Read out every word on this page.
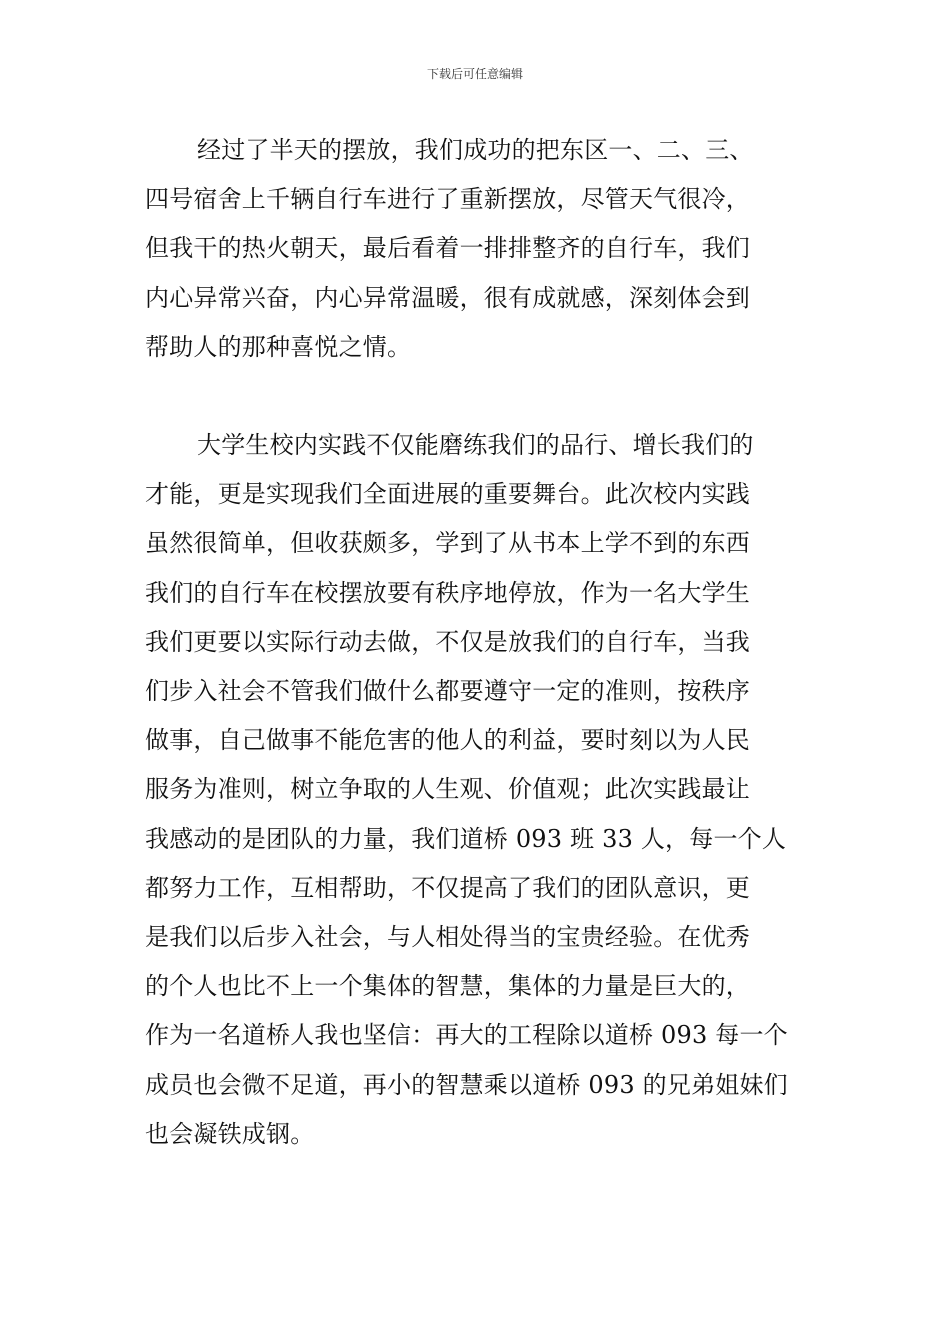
下载后可任意编辑
经过了半天的摆放，我们成功的把东区一、二、三、
四号宿舍上千辆自行车进行了重新摆放，尽管天气很冷，
但我干的热火朝天，最后看着一排排整齐的自行车，我们
内心异常兴奋，内心异常温暖，很有成就感，深刻体会到
帮助人的那种喜悦之情。
大学生校内实践不仅能磨练我们的品行、增长我们的
才能，更是实现我们全面进展的重要舞台。此次校内实践
虽然很简单，但收获颇多，学到了从书本上学不到的东西
我们的自行车在校摆放要有秩序地停放，作为一名大学生
我们更要以实际行动去做，不仅是放我们的自行车，当我
们步入社会不管我们做什么都要遵守一定的准则，按秩序
做事，自己做事不能危害的他人的利益，要时刻以为人民
服务为准则，树立争取的人生观、价值观；此次实践最让
我感动的是团队的力量，我们道桥 093 班 33 人，每一个人
都努力工作，互相帮助，不仅提高了我们的团队意识，更
是我们以后步入社会，与人相处得当的宝贵经验。在优秀
的个人也比不上一个集体的智慧，集体的力量是巨大的，
作为一名道桥人我也坚信：再大的工程除以道桥 093 每一个
成员也会微不足道，再小的智慧乘以道桥 093 的兄弟姐妹们
也会凝铁成钢。
